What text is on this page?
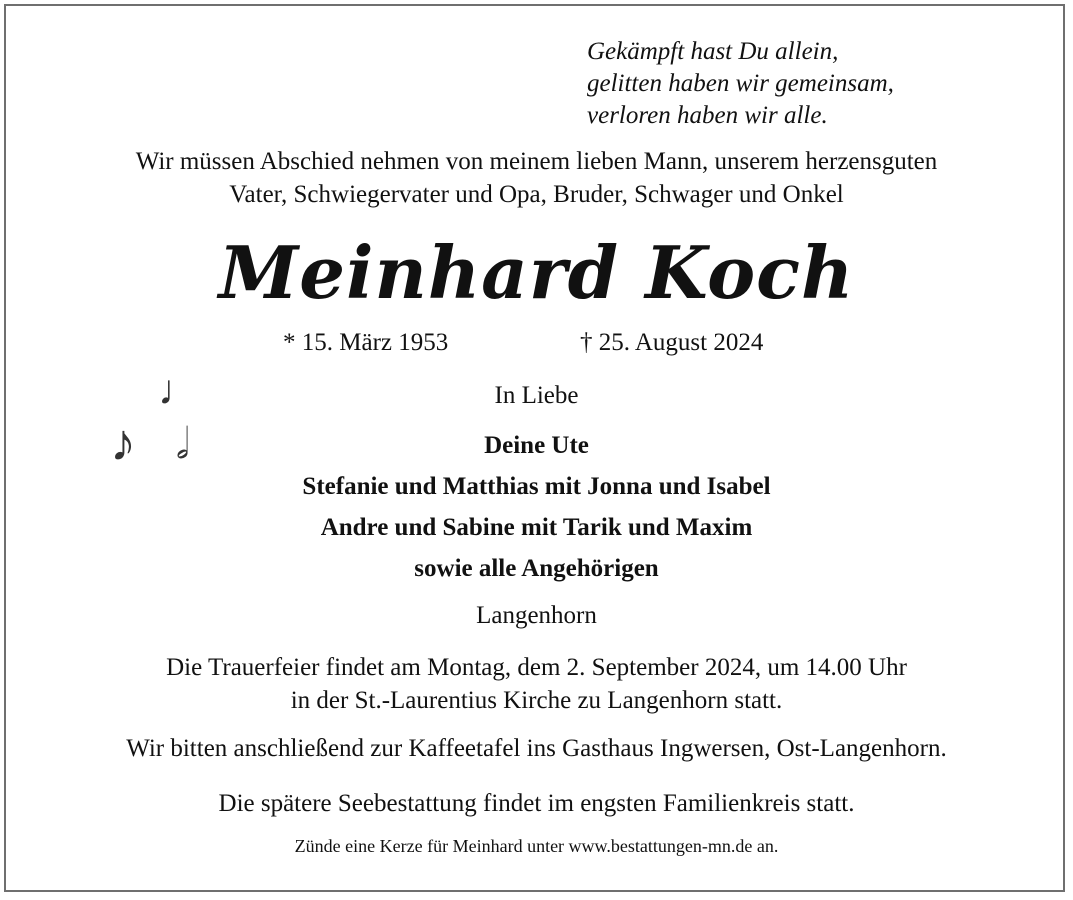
Gekämpft hast Du allein,
gelitten haben wir gemeinsam,
verloren haben wir alle.
Wir müssen Abschied nehmen von meinem lieben Mann, unserem herzensguten
Vater, Schwiegervater und Opa, Bruder, Schwager und Onkel
Meinhard Koch
* 15. März 1953	† 25. August 2024
♩
♪ 𝅗𝅥
In Liebe
Deine Ute
Stefanie und Matthias mit Jonna und Isabel
Andre und Sabine mit Tarik und Maxim
sowie alle Angehörigen
Langenhorn
Die Trauerfeier findet am Montag, dem 2. September 2024, um 14.00 Uhr
in der St.-Laurentius Kirche zu Langenhorn statt.
Wir bitten anschließend zur Kaffeetafel ins Gasthaus Ingwersen, Ost-Langenhorn.
Die spätere Seebestattung findet im engsten Familienkreis statt.
Zünde eine Kerze für Meinhard unter www.bestattungen-mn.de an.
